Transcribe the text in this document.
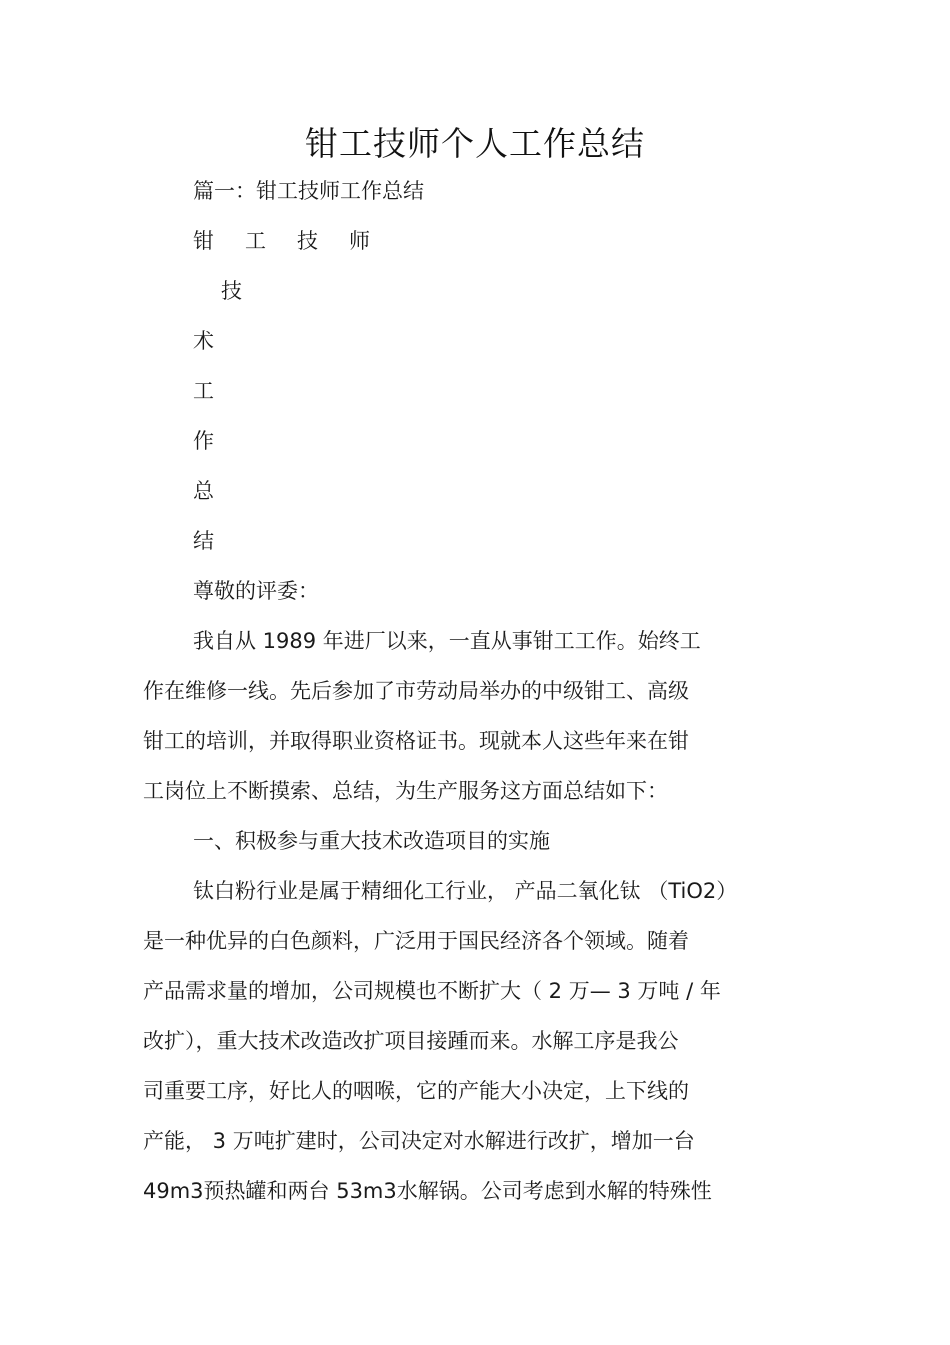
钳工技师个人工作总结
篇一：钳工技师工作总结
钳 工 技 师
技
术
工
作
总
结
尊敬的评委：
我自从 1989 年进厂以来，一直从事钳工工作。始终工
作在维修一线。先后参加了市劳动局举办的中级钳工、高级
钳工的培训，并取得职业资格证书。现就本人这些年来在钳
工岗位上不断摸索、总结，为生产服务这方面总结如下：
一、积极参与重大技术改造项目的实施
钛白粉行业是属于精细化工行业， 产品二氧化钛 （TiO2）
是一种优异的白色颜料，广泛用于国民经济各个领域。随着
产品需求量的增加，公司规模也不断扩大（ 2 万— 3 万吨 / 年
改扩），重大技术改造改扩项目接踵而来。水解工序是我公
司重要工序，好比人的咽喉，它的产能大小决定，上下线的
产能， 3 万吨扩建时，公司决定对水解进行改扩，增加一台
49m3预热罐和两台 53m3水解锅。公司考虑到水解的特殊性
